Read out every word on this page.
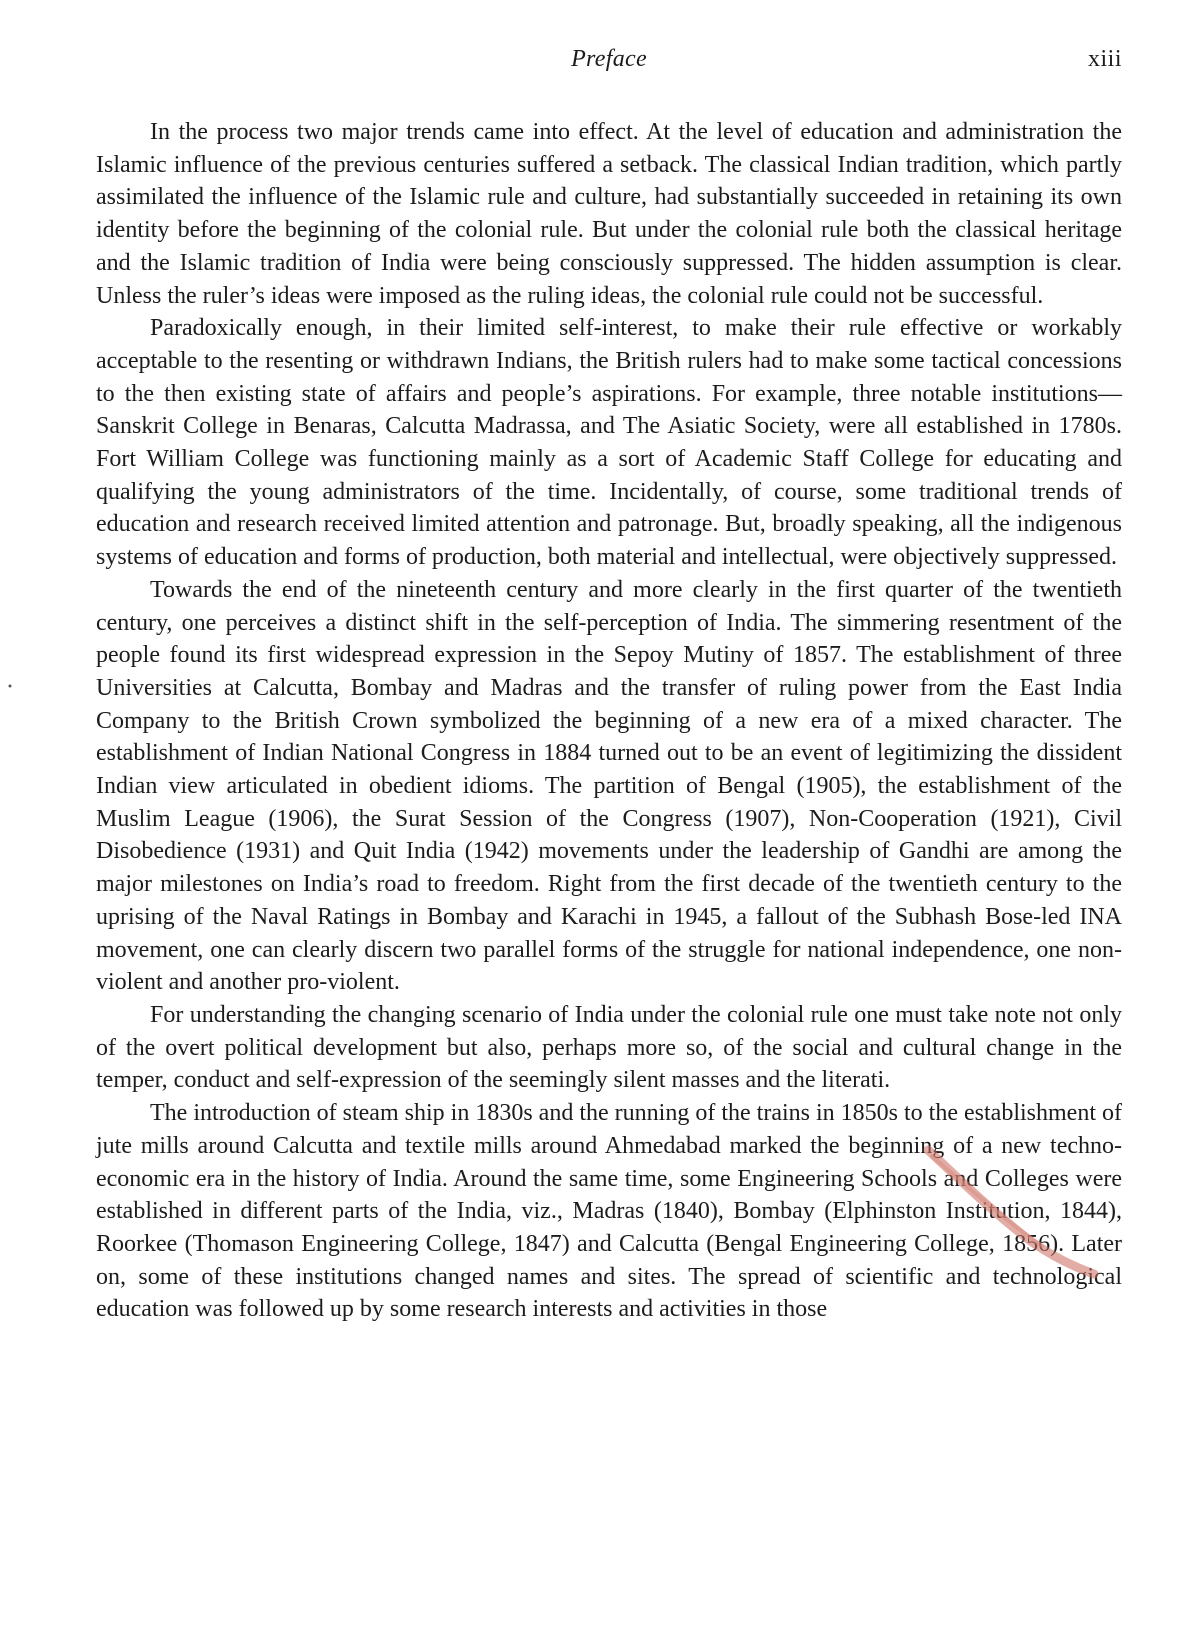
Preface	xiii

In the process two major trends came into effect. At the level of education and administration the Islamic influence of the previous centuries suffered a setback. The classical Indian tradition, which partly assimilated the influence of the Islamic rule and culture, had substantially succeeded in retaining its own identity before the beginning of the colonial rule. But under the colonial rule both the classical heritage and the Islamic tradition of India were being consciously suppressed. The hidden assumption is clear. Unless the ruler’s ideas were imposed as the ruling ideas, the colonial rule could not be successful.

Paradoxically enough, in their limited self-interest, to make their rule effective or workably acceptable to the resenting or withdrawn Indians, the British rulers had to make some tactical concessions to the then existing state of affairs and people’s aspirations. For example, three notable institutions—Sanskrit College in Benaras, Calcutta Madrassa, and The Asiatic Society, were all established in 1780s. Fort William College was functioning mainly as a sort of Academic Staff College for educating and qualifying the young administrators of the time. Incidentally, of course, some traditional trends of education and research received limited attention and patronage. But, broadly speaking, all the indigenous systems of education and forms of production, both material and intellectual, were objectively suppressed.

Towards the end of the nineteenth century and more clearly in the first quarter of the twentieth century, one perceives a distinct shift in the self-perception of India. The simmering resentment of the people found its first widespread expression in the Sepoy Mutiny of 1857. The establishment of three Universities at Calcutta, Bombay and Madras and the transfer of ruling power from the East India Company to the British Crown symbolized the beginning of a new era of a mixed character. The establishment of Indian National Congress in 1884 turned out to be an event of legitimizing the dissident Indian view articulated in obedient idioms. The partition of Bengal (1905), the establishment of the Muslim League (1906), the Surat Session of the Congress (1907), Non-Cooperation (1921), Civil Disobedience (1931) and Quit India (1942) movements under the leadership of Gandhi are among the major milestones on India’s road to freedom. Right from the first decade of the twentieth century to the uprising of the Naval Ratings in Bombay and Karachi in 1945, a fallout of the Subhash Bose-led INA movement, one can clearly discern two parallel forms of the struggle for national independence, one non-violent and another pro-violent.

For understanding the changing scenario of India under the colonial rule one must take note not only of the overt political development but also, perhaps more so, of the social and cultural change in the temper, conduct and self-expression of the seemingly silent masses and the literati.

The introduction of steam ship in 1830s and the running of the trains in 1850s to the establishment of jute mills around Calcutta and textile mills around Ahmedabad marked the beginning of a new techno-economic era in the history of India. Around the same time, some Engineering Schools and Colleges were established in different parts of the India, viz., Madras (1840), Bombay (Elphinston Institution, 1844), Roorkee (Thomason Engineering College, 1847) and Calcutta (Bengal Engineering College, 1856). Later on, some of these institutions changed names and sites. The spread of scientific and technological education was followed up by some research interests and activities in those
